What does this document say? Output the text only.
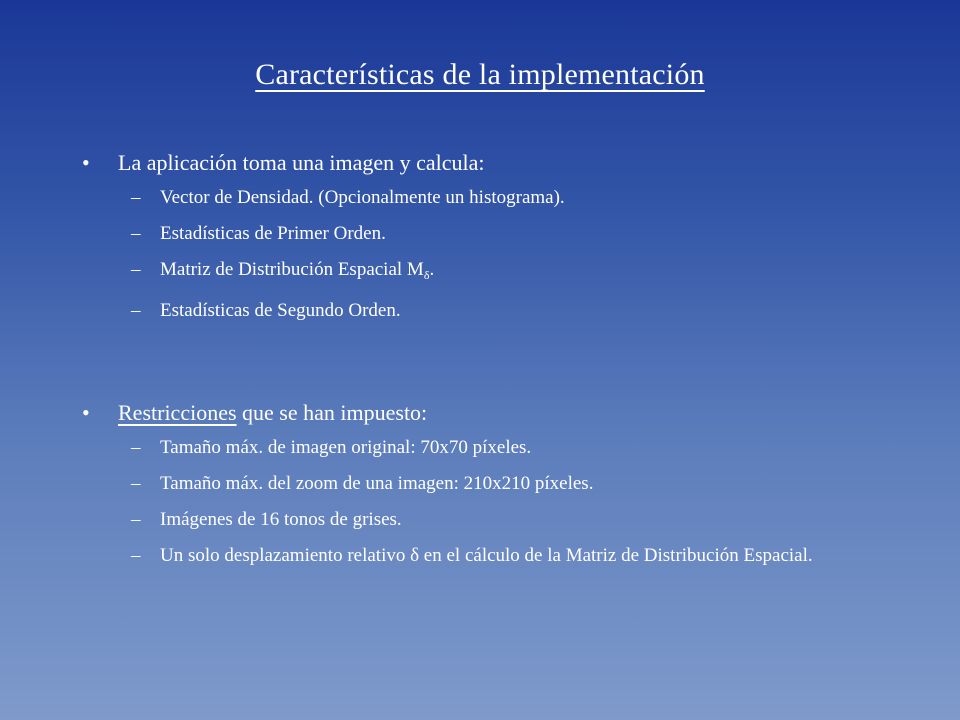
Características de la implementación
• La aplicación toma una imagen y calcula:
– Vector de Densidad. (Opcionalmente un histograma).
– Estadísticas de Primer Orden.
– Matriz de Distribución Espacial $M_\delta$.
– Estadísticas de Segundo Orden.
• Restricciones que se han impuesto:
– Tamaño máx. de imagen original: 70x70 píxeles.
– Tamaño máx. del zoom de una imagen: 210x210 píxeles.
– Imágenes de 16 tonos de grises.
– Un solo desplazamiento relativo δ en el cálculo de la Matriz de Distribución Espacial.
